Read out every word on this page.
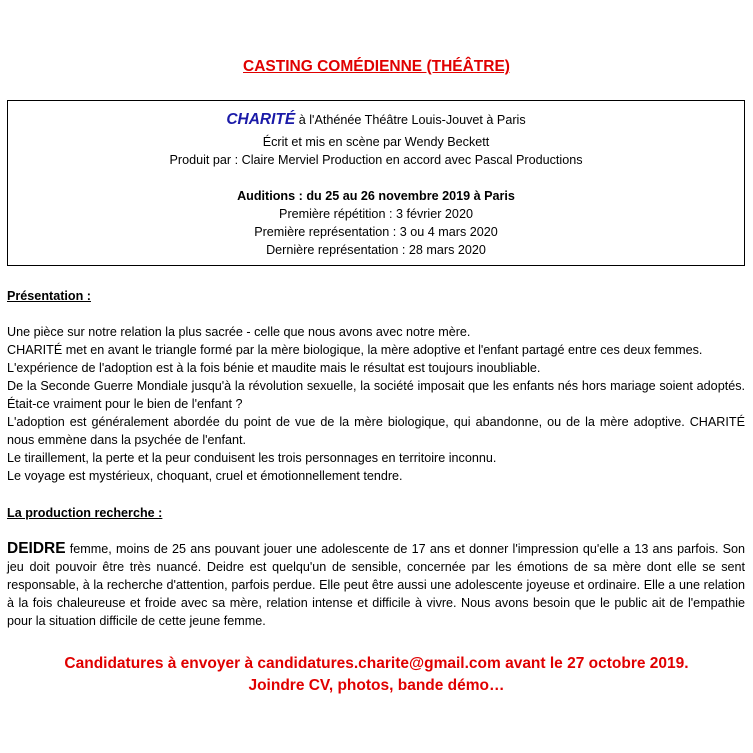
CASTING COMÉDIENNE (THÉÂTRE)
CHARITÉ à l'Athénée Théâtre Louis-Jouvet à Paris
Écrit et mis en scène par Wendy Beckett
Produit par : Claire Merviel Production en accord avec Pascal Productions
Auditions : du 25 au 26 novembre 2019 à Paris
Première répétition : 3 février 2020
Première représentation : 3 ou 4 mars 2020
Dernière représentation : 28 mars 2020
Présentation :

Une pièce sur notre relation la plus sacrée - celle que nous avons avec notre mère.

CHARITÉ met en avant le triangle formé par la mère biologique, la mère adoptive et l'enfant partagé entre ces deux femmes.

L'expérience de l'adoption est à la fois bénie et maudite mais le résultat est toujours inoubliable.

De la Seconde Guerre Mondiale jusqu'à la révolution sexuelle, la société imposait que les enfants nés hors mariage soient adoptés. Était-ce vraiment pour le bien de l'enfant ?

L'adoption est généralement abordée du point de vue de la mère biologique, qui abandonne, ou de la mère adoptive. CHARITÉ nous emmène dans la psychée de l'enfant.

Le tiraillement, la perte et la peur conduisent les trois personnages en territoire inconnu.

Le voyage est mystérieux, choquant, cruel et émotionnellement tendre.

La production recherche :

DEIDRE femme, moins de 25 ans pouvant jouer une adolescente de 17 ans et donner l'impression qu'elle a 13 ans parfois. Son jeu doit pouvoir être très nuancé. Deidre est quelqu'un de sensible, concernée par les émotions de sa mère dont elle se sent responsable, à la recherche d'attention, parfois perdue. Elle peut être aussi une adolescente joyeuse et ordinaire. Elle a une relation à la fois chaleureuse et froide avec sa mère, relation intense et difficile à vivre. Nous avons besoin que le public ait de l'empathie pour la situation difficile de cette jeune femme.

Candidatures à envoyer à candidatures.charite@gmail.com avant le 27 octobre 2019.
Joindre CV, photos, bande démo…
